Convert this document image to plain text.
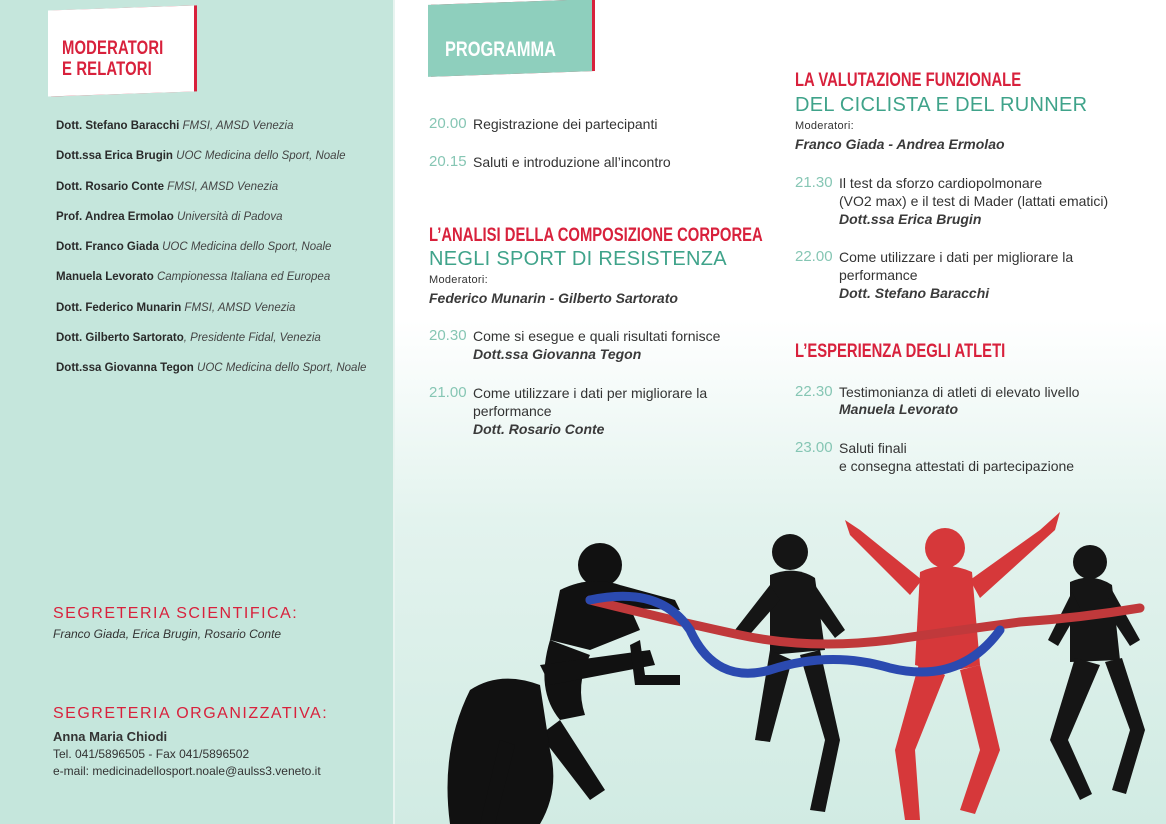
MODERATORI
E RELATORI
Dott. Stefano Baracchi FMSI, AMSD Venezia
Dott.ssa Erica Brugin UOC Medicina dello Sport, Noale
Dott. Rosario Conte FMSI, AMSD Venezia
Prof. Andrea Ermolao Università di Padova
Dott. Franco Giada UOC Medicina dello Sport, Noale
Manuela Levorato Campionessa Italiana ed Europea
Dott. Federico Munarin FMSI, AMSD Venezia
Dott. Gilberto Sartorato, Presidente Fidal, Venezia
Dott.ssa Giovanna Tegon UOC Medicina dello Sport, Noale
SEGRETERIA SCIENTIFICA:
Franco Giada, Erica Brugin, Rosario Conte
SEGRETERIA ORGANIZZATIVA:
Anna Maria Chiodi
Tel. 041/5896505 - Fax 041/5896502
e-mail: medicinadellosport.noale@aulss3.veneto.it
PROGRAMMA
20.00 Registrazione dei partecipanti
20.15 Saluti e introduzione all’incontro
L’ANALISI DELLA COMPOSIZIONE CORPOREA
NEGLI SPORT DI RESISTENZA
Moderatori:
Federico Munarin - Gilberto Sartorato
20.30 Come si esegue e quali risultati fornisce
Dott.ssa Giovanna Tegon
21.00 Come utilizzare i dati per migliorare la
performance
Dott. Rosario Conte
LA VALUTAZIONE FUNZIONALE
DEL CICLISTA E DEL RUNNER
Moderatori:
Franco Giada - Andrea Ermolao
21.30 Il test da sforzo cardiopolmonare
(VO2 max) e il test di Mader (lattati ematici)
Dott.ssa Erica Brugin
22.00 Come utilizzare i dati per migliorare la
performance
Dott. Stefano Baracchi
L’ESPERIENZA DEGLI ATLETI
22.30 Testimonianza di atleti di elevato livello
Manuela Levorato
23.00 Saluti finali
e consegna attestati di partecipazione
